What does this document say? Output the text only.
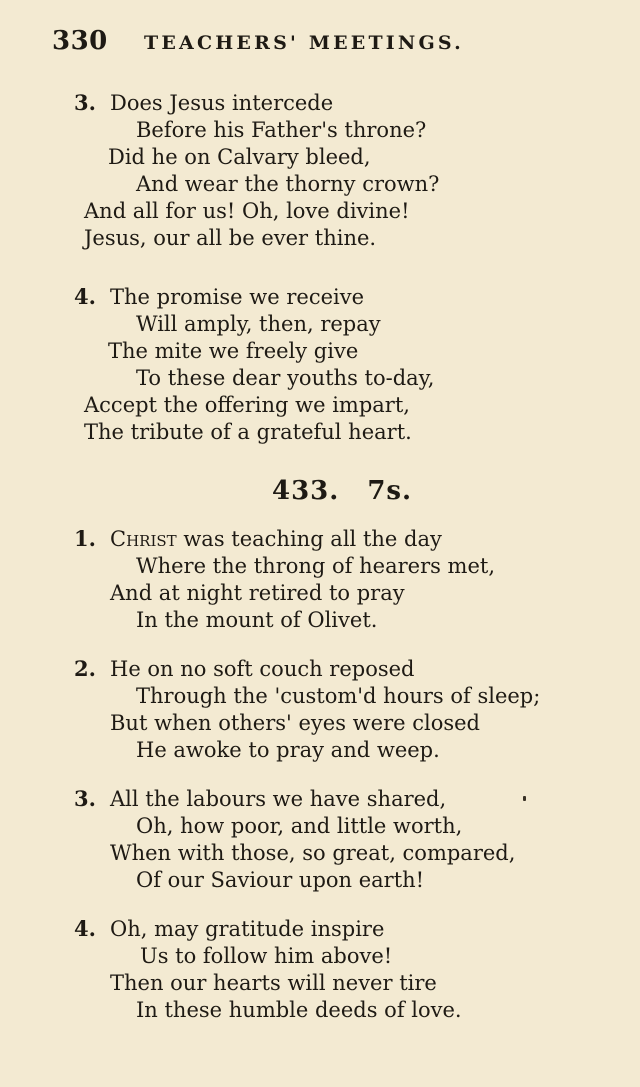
330 TEACHERS' MEETINGS.
3. Does Jesus intercede
Before his Father's throne?
Did he on Calvary bleed,
And wear the thorny crown?
And all for us! Oh, love divine!
Jesus, our all be ever thine.
4. The promise we receive
Will amply, then, repay
The mite we freely give
To these dear youths to-day,
Accept the offering we impart,
The tribute of a grateful heart.
433. 7s.
1. Christ was teaching all the day
Where the throng of hearers met,
And at night retired to pray
In the mount of Olivet.
2. He on no soft couch reposed
Through the 'custom'd hours of sleep;
But when others' eyes were closed
He awoke to pray and weep.
3. All the labours we have shared,
Oh, how poor, and little worth,
When with those, so great, compared,
Of our Saviour upon earth!
4. Oh, may gratitude inspire
Us to follow him above!
Then our hearts will never tire
In these humble deeds of love.
